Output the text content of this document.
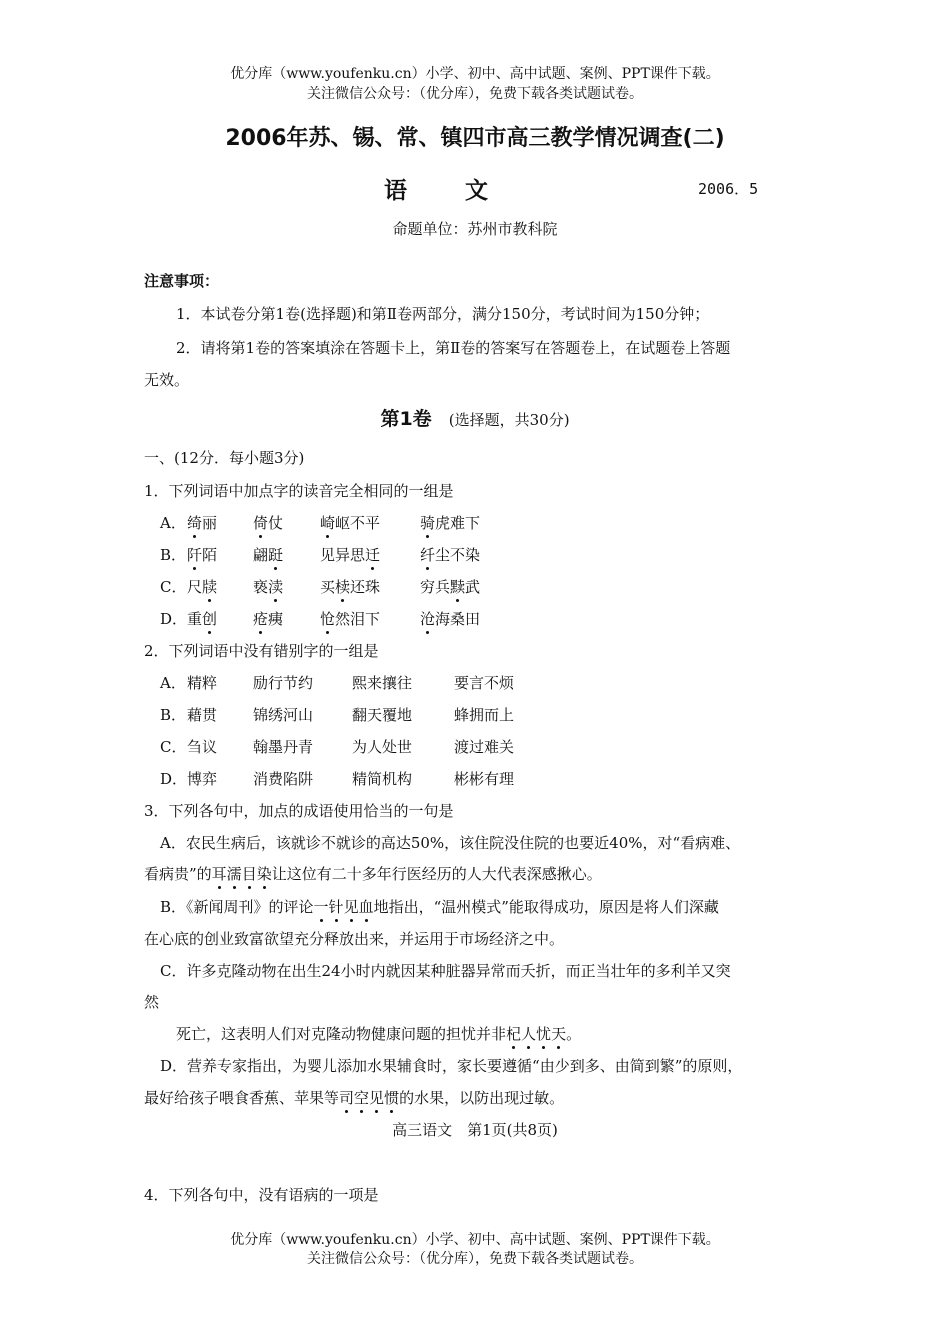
优分库（www.youfenku.cn）小学、初中、高中试题、案例、PPT课件下载。
关注微信公众号：（优分库），免费下载各类试题试卷。
2006年苏、锡、常、镇四市高三教学情况调查(二)
语文	2006．5
命题单位：苏州市教科院
注意事项：
1．本试卷分第1卷(选择题)和第Ⅱ卷两部分，满分150分，考试时间为150分钟；
2．请将第1卷的答案填涂在答题卡上，第Ⅱ卷的答案写在答题卷上，在试题卷上答题
无效。
第1卷 (选择题，共30分)
一、(12分．每小题3分)
1．下列词语中加点字的读音完全相同的一组是
A． 绮丽 倚仗 崎岖不平	骑虎难下
B． 阡陌 翩跹 见异思迁	纤尘不染
C． 尺牍 亵渎 买椟还珠	穷兵黩武
D． 重创 疮痍 怆然泪下	沧海桑田
2．下列词语中没有错别字的一组是
A． 精粹 励行节约	熙来攘往	要言不烦
B． 藉贯 锦绣河山	翻天覆地	蜂拥而上
C． 刍议 翰墨丹青	为人处世	渡过难关
D． 博弈 消费陷阱	精简机构	彬彬有理
3．下列各句中，加点的成语使用恰当的一句是
A．农民生病后，该就诊不就诊的高达50%，该住院没住院的也要近40%，对“看病难、
看病贵”的耳濡目染让这位有二十多年行医经历的人大代表深感揪心。
B．《新闻周刊》的评论一针见血地指出，“温州模式”能取得成功，原因是将人们深藏
在心底的创业致富欲望充分释放出来，并运用于市场经济之中。
C．许多克隆动物在出生24小时内就因某种脏器异常而夭折，而正当壮年的多利羊又突
然
死亡，这表明人们对克隆动物健康问题的担忧并非杞人忧天。
D．营养专家指出，为婴儿添加水果辅食时，家长要遵循“由少到多、由简到繁”的原则，
最好给孩子喂食香蕉、苹果等司空见惯的水果，以防出现过敏。
高三语文　第1页(共8页)
4．下列各句中，没有语病的一项是
优分库（www.youfenku.cn）小学、初中、高中试题、案例、PPT课件下载。
关注微信公众号：（优分库），免费下载各类试题试卷。
